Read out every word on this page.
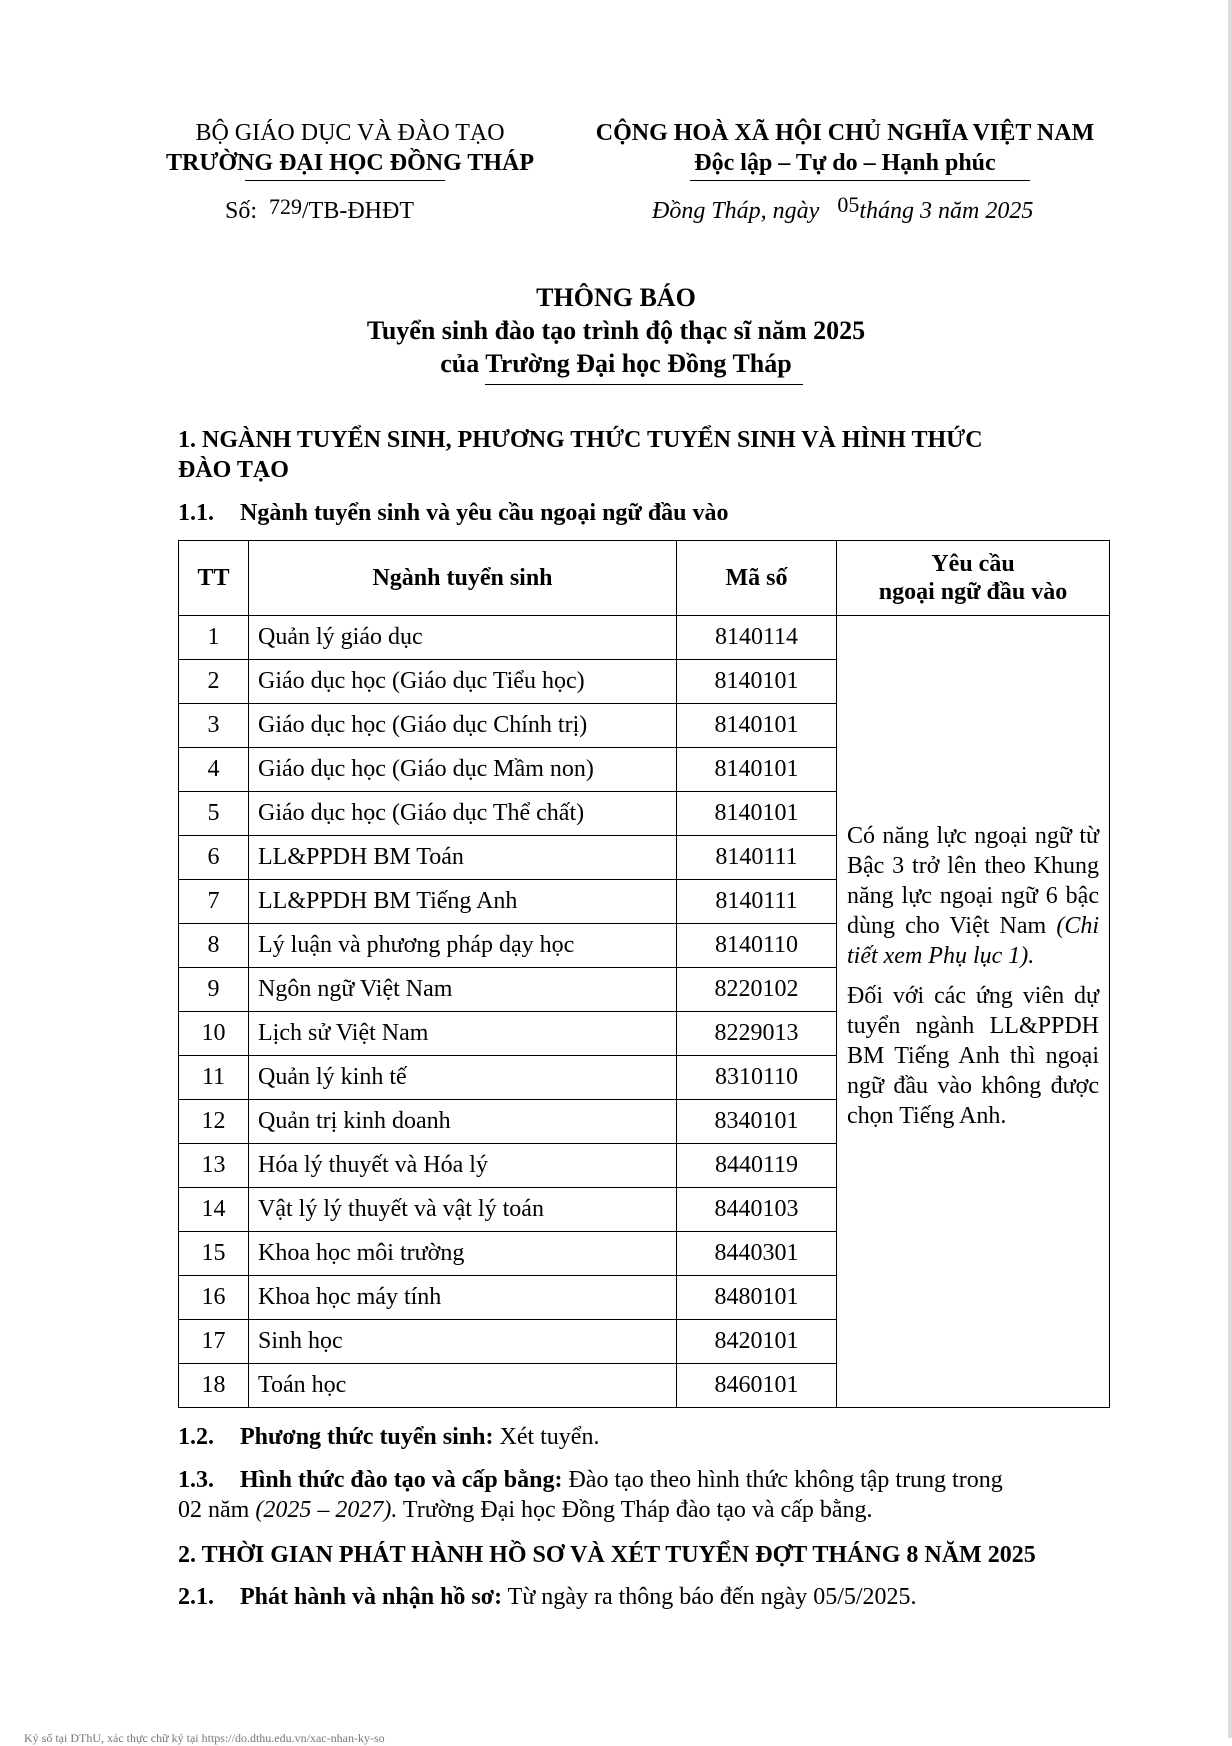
BỘ GIÁO DỤC VÀ ĐÀO TẠO
TRƯỜNG ĐẠI HỌC ĐỒNG THÁP
Số: 729/TB-ĐHĐT
CỘNG HOÀ XÃ HỘI CHỦ NGHĨA VIỆT NAM
Độc lập – Tự do – Hạnh phúc
Đồng Tháp, ngày 05tháng 3 năm 2025
THÔNG BÁO
Tuyển sinh đào tạo trình độ thạc sĩ năm 2025
của Trường Đại học Đồng Tháp
1. NGÀNH TUYỂN SINH, PHƯƠNG THỨC TUYỂN SINH VÀ HÌNH THỨC
ĐÀO TẠO
1.1. Ngành tuyển sinh và yêu cầu ngoại ngữ đầu vào
TT	Ngành tuyển sinh	Mã số	Yêu cầu
ngoại ngữ đầu vào

1	Quản lý giáo dục	8140114	Có năng lực ngoại ngữ từ Bậc 3 trở lên theo Khung năng lực ngoại ngữ 6 bậc dùng cho Việt Nam (Chi tiết xem Phụ lục 1).

Đối với các ứng viên dự tuyển ngành LL&PPDH BM Tiếng Anh thì ngoại ngữ đầu vào không được chọn Tiếng Anh.

2	Giáo dục học (Giáo dục Tiểu học)	8140101	
3	Giáo dục học (Giáo dục Chính trị)	8140101	
4	Giáo dục học (Giáo dục Mầm non)	8140101	
5	Giáo dục học (Giáo dục Thể chất)	8140101	
6	LL&PPDH BM Toán	8140111	
7	LL&PPDH BM Tiếng Anh	8140111	
8	Lý luận và phương pháp dạy học	8140110	
9	Ngôn ngữ Việt Nam	8220102	
10	Lịch sử Việt Nam	8229013	
11	Quản lý kinh tế	8310110	
12	Quản trị kinh doanh	8340101	
13	Hóa lý thuyết và Hóa lý	8440119	
14	Vật lý lý thuyết và vật lý toán	8440103	
15	Khoa học môi trường	8440301	
16	Khoa học máy tính	8480101	
17	Sinh học	8420101	
18	Toán học	8460101	
1.2. Phương thức tuyển sinh: Xét tuyển.
1.3. Hình thức đào tạo và cấp bằng: Đào tạo theo hình thức không tập trung trong
02 năm (2025 – 2027). Trường Đại học Đồng Tháp đào tạo và cấp bằng.
2. THỜI GIAN PHÁT HÀNH HỒ SƠ VÀ XÉT TUYỂN ĐỢT THÁNG 8 NĂM 2025
2.1. Phát hành và nhận hồ sơ: Từ ngày ra thông báo đến ngày 05/5/2025.
Ký số tại DThU, xác thực chữ ký tại https://do.dthu.edu.vn/xac-nhan-ky-so
